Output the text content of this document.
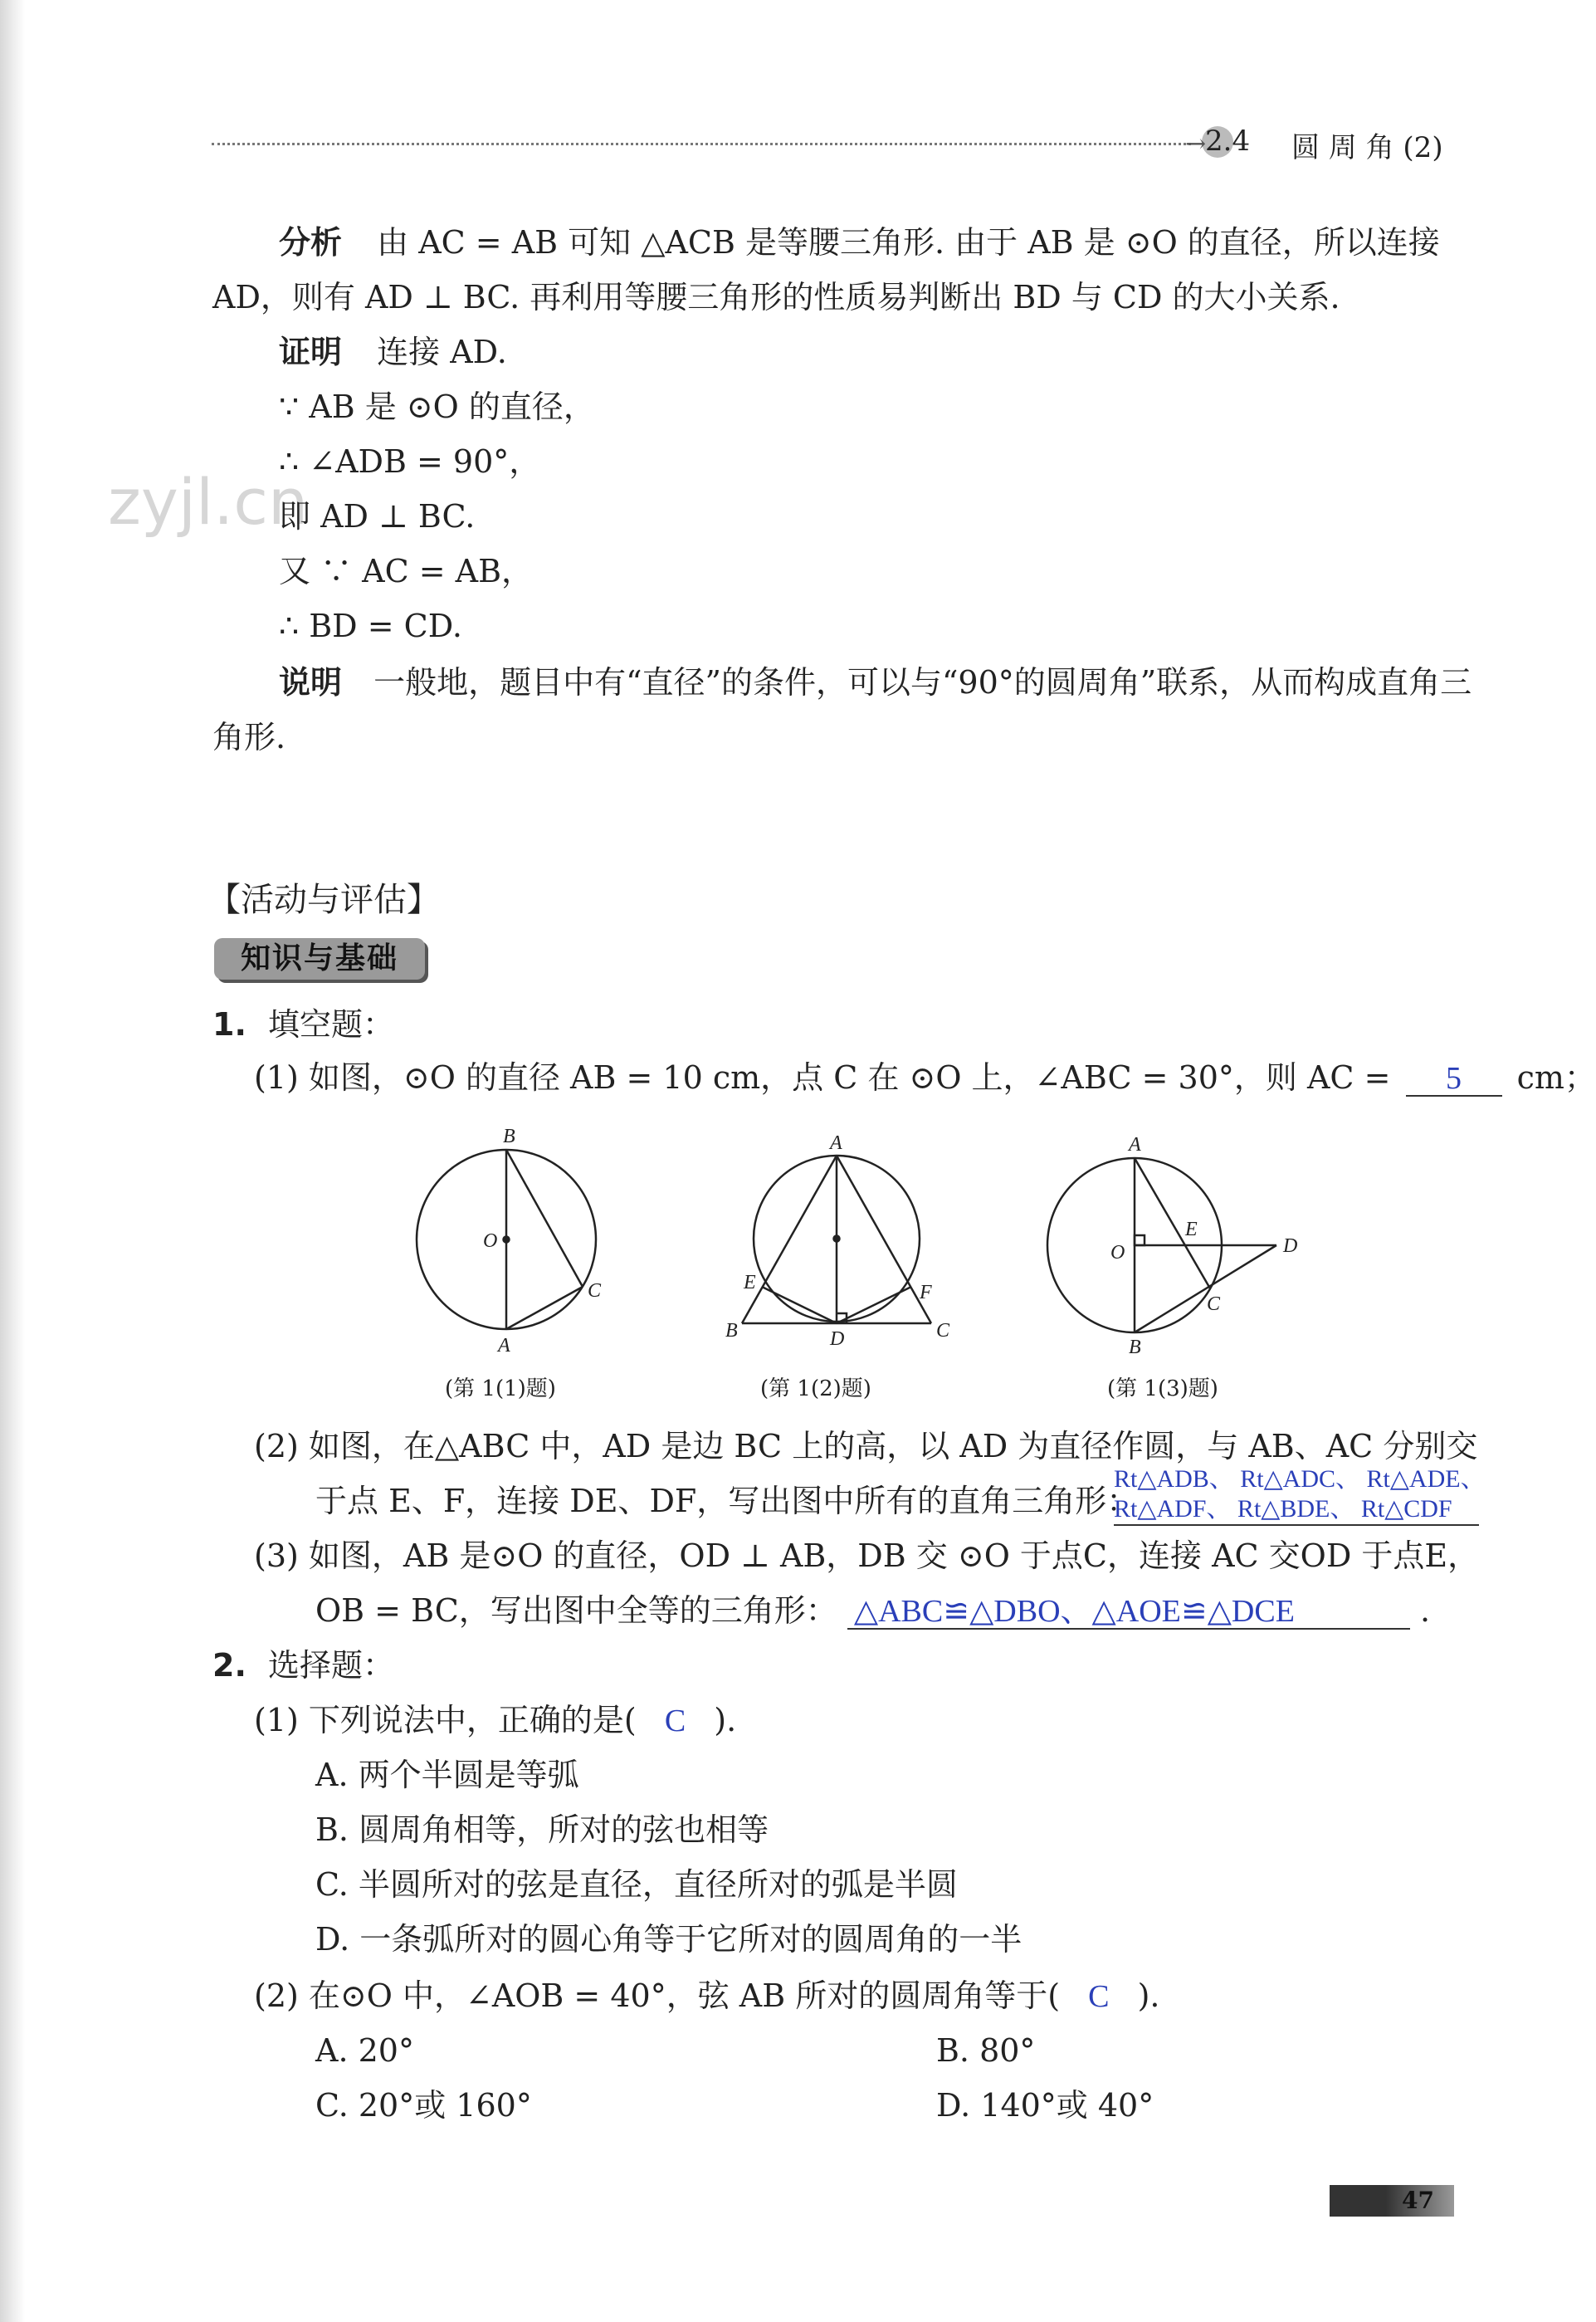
→
2.4 圆 周 角 (2)
zyjl.cn
分析 由 AC = AB 可知 △ACB 是等腰三角形. 由于 AB 是 ⊙O 的直径，所以连接
AD，则有 AD ⊥ BC. 再利用等腰三角形的性质易判断出 BD 与 CD 的大小关系.
证明 连接 AD.
∵ AB 是 ⊙O 的直径，
∴ ∠ADB = 90°，
即 AD ⊥ BC.
又 ∵ AC = AB，
∴ BD = CD.
说明 一般地，题目中有“直径”的条件，可以与“90°的圆周角”联系，从而构成直角三
角形.
【活动与评估】
知识与基础
1. 填空题：
(1) 如图，⊙O 的直径 AB = 10 cm，点 C 在 ⊙O 上，∠ABC = 30°，则 AC = 5 cm；
B
O
C
A
A
E	F
B	D	C
A
E
D
O
C
B
(第 1(1)题)	(第 1(2)题)	(第 1(3)题)
(2) 如图，在△ABC 中，AD 是边 BC 上的高，以 AD 为直径作圆，与 AB、AC 分别交
Rt△ADB、 Rt△ADC、 Rt△ADE、
于点 E、F，连接 DE、DF，写出图中所有的直角三角形：
Rt△ADF、 Rt△BDE、 Rt△CDF
(3) 如图，AB 是⊙O 的直径，OD ⊥ AB，DB 交 ⊙O 于点C，连接 AC 交OD 于点E，
OB = BC，写出图中全等的三角形： △ABC≌△DBO、△AOE≌△DCE	.
2. 选择题：
(1) 下列说法中，正确的是( C ).
A. 两个半圆是等弧
B. 圆周角相等，所对的弦也相等
C. 半圆所对的弦是直径，直径所对的弧是半圆
D. 一条弧所对的圆心角等于它所对的圆周角的一半
(2) 在⊙O 中，∠AOB = 40°，弦 AB 所对的圆周角等于( C ).
A. 20°	B. 80°
C. 20°或 160°	D. 140°或 40°
47
